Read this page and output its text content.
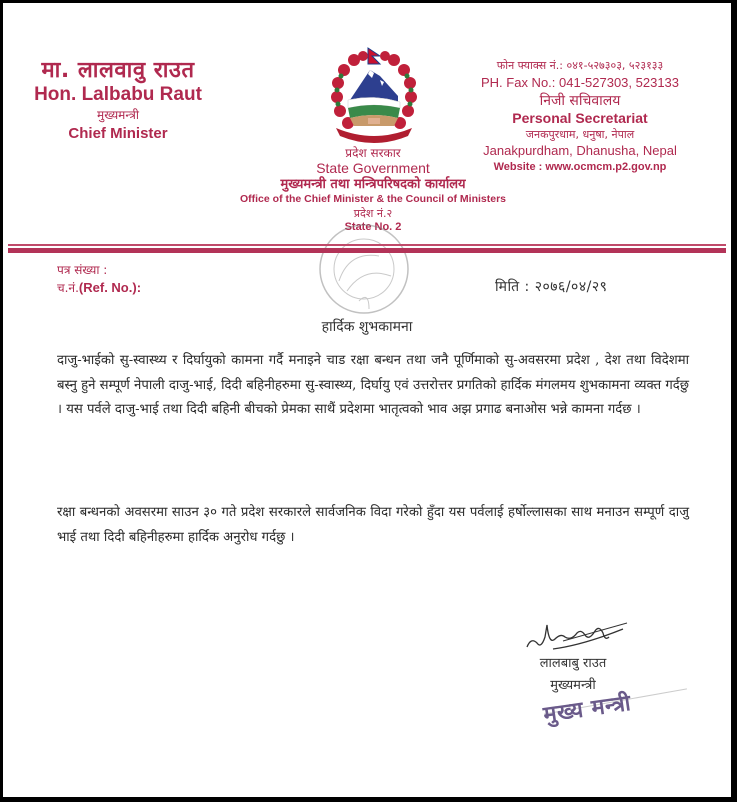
मा. लालवावु राउत
Hon. Lalbabu Raut
मुख्यमन्त्री
Chief Minister
फोन फ्याक्स नं.: ०४१-५२७३०३, ५२३१३३
PH. Fax No.: 041-527303, 523133
निजी सचिवालय
Personal Secretariat
जनकपुरधाम, धनुषा, नेपाल
Janakpurdham, Dhanusha, Nepal
Website : www.ocmcm.p2.gov.np
प्रदेश सरकार
State Government
मुख्यमन्त्री तथा मन्त्रिपरिषदको कार्यालय
Office of the Chief Minister & the Council of Ministers
प्रदेश नं.२
State No. 2
पत्र संख्या :
च.नं.(Ref. No.):	मिति : २०७६/०४/२९
हार्दिक शुभकामना
दाजु-भाईको सु-स्वास्थ्य र दिर्घायुको कामना गर्दै मनाइने चाड रक्षा बन्धन तथा जनै पूर्णिमाको सु-अवसरमा प्रदेश , देश तथा विदेशमा बस्नु हुने सम्पूर्ण नेपाली दाजु-भाई, दिदी बहिनीहरुमा सु-स्वास्थ्य, दिर्घायु एवं उत्तरोत्तर प्रगतिको हार्दिक मंगलमय शुभकामना व्यक्त गर्दछु । यस पर्वले दाजु-भाई तथा दिदी बहिनी बीचको प्रेमका साथैं प्रदेशमा भातृत्वको भाव अझ प्रगाढ बनाओस भन्ने कामना गर्दछ ।
रक्षा बन्धनको अवसरमा साउन ३० गते प्रदेश सरकारले सार्वजनिक विदा गरेको हुँदा यस पर्वलाई हर्षोल्लासका साथ मनाउन सम्पूर्ण दाजु भाई तथा दिदी बहिनीहरुमा हार्दिक अनुरोध गर्दछु ।
लालबाबु राउत
मुख्यमन्त्री
मुख्य मन्त्री
